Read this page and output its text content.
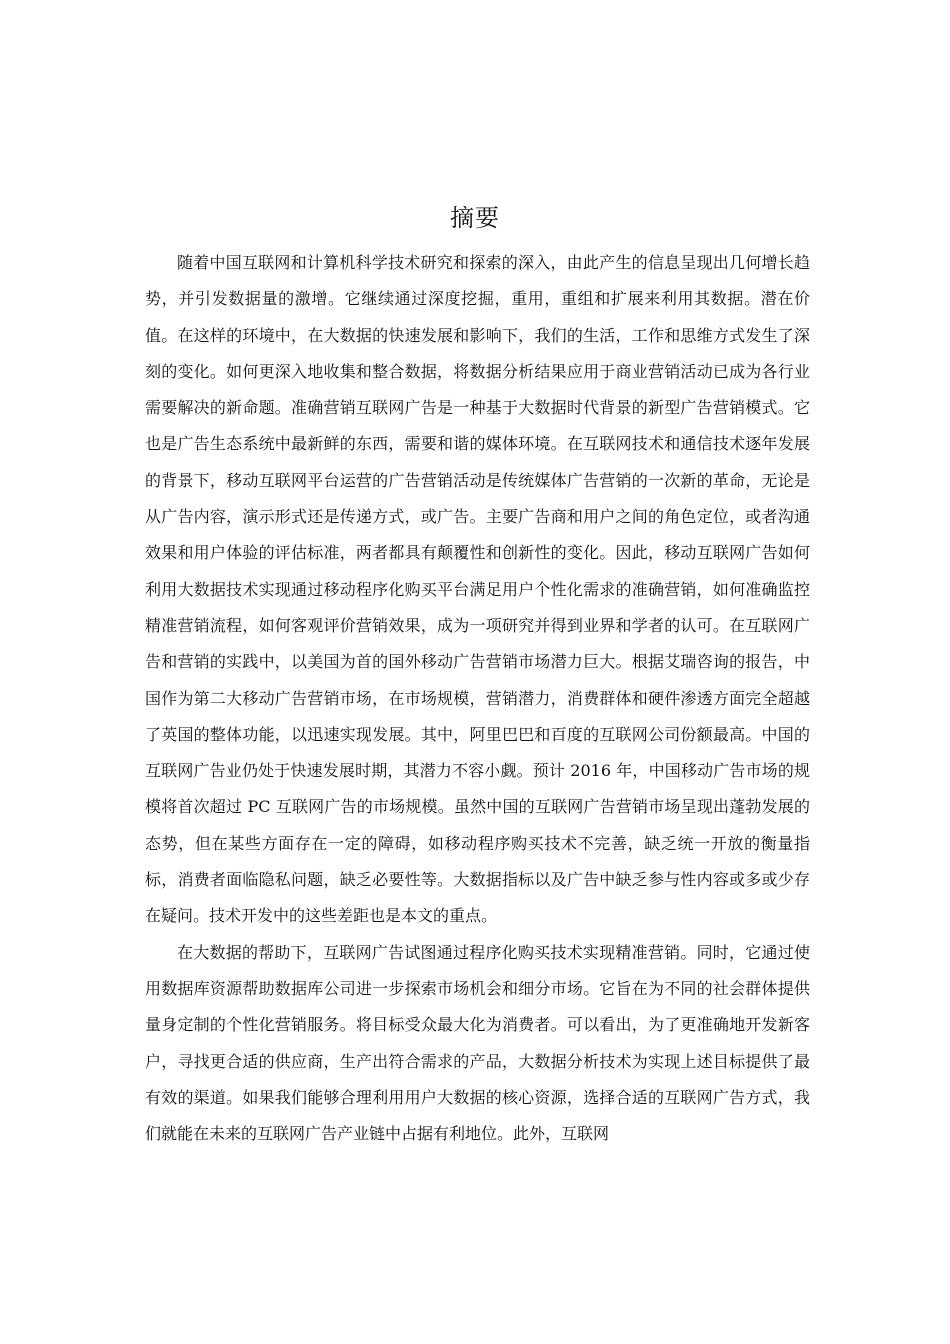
摘要

随着中国互联网和计算机科学技术研究和探索的深入，由此产生的信息呈现出几何增长趋势，并引发数据量的激增。它继续通过深度挖掘，重用，重组和扩展来利用其数据。潜在价值。在这样的环境中，在大数据的快速发展和影响下，我们的生活，工作和思维方式发生了深刻的变化。如何更深入地收集和整合数据，将数据分析结果应用于商业营销活动已成为各行业需要解决的新命题。准确营销互联网广告是一种基于大数据时代背景的新型广告营销模式。它也是广告生态系统中最新鲜的东西，需要和谐的媒体环境。在互联网技术和通信技术逐年发展的背景下，移动互联网平台运营的广告营销活动是传统媒体广告营销的一次新的革命，无论是从广告内容，演示形式还是传递方式，或广告。主要广告商和用户之间的角色定位，或者沟通效果和用户体验的评估标准，两者都具有颠覆性和创新性的变化。因此，移动互联网广告如何利用大数据技术实现通过移动程序化购买平台满足用户个性化需求的准确营销，如何准确监控精准营销流程，如何客观评价营销效果，成为一项研究并得到业界和学者的认可。在互联网广告和营销的实践中，以美国为首的国外移动广告营销市场潜力巨大。根据艾瑞咨询的报告，中国作为第二大移动广告营销市场，在市场规模，营销潜力，消费群体和硬件渗透方面完全超越了英国的整体功能，以迅速实现发展。其中，阿里巴巴和百度的互联网公司份额最高。中国的互联网广告业仍处于快速发展时期，其潜力不容小觑。预计 2016 年，中国移动广告市场的规模将首次超过 PC 互联网广告的市场规模。虽然中国的互联网广告营销市场呈现出蓬勃发展的态势，但在某些方面存在一定的障碍，如移动程序购买技术不完善，缺乏统一开放的衡量指标，消费者面临隐私问题，缺乏必要性等。大数据指标以及广告中缺乏参与性内容或多或少存在疑问。技术开发中的这些差距也是本文的重点。

在大数据的帮助下，互联网广告试图通过程序化购买技术实现精准营销。同时，它通过使用数据库资源帮助数据库公司进一步探索市场机会和细分市场。它旨在为不同的社会群体提供量身定制的个性化营销服务。将目标受众最大化为消费者。可以看出，为了更准确地开发新客户，寻找更合适的供应商，生产出符合需求的产品，大数据分析技术为实现上述目标提供了最有效的渠道。如果我们能够合理利用用户大数据的核心资源，选择合适的互联网广告方式，我们就能在未来的互联网广告产业链中占据有利地位。此外，互联网
